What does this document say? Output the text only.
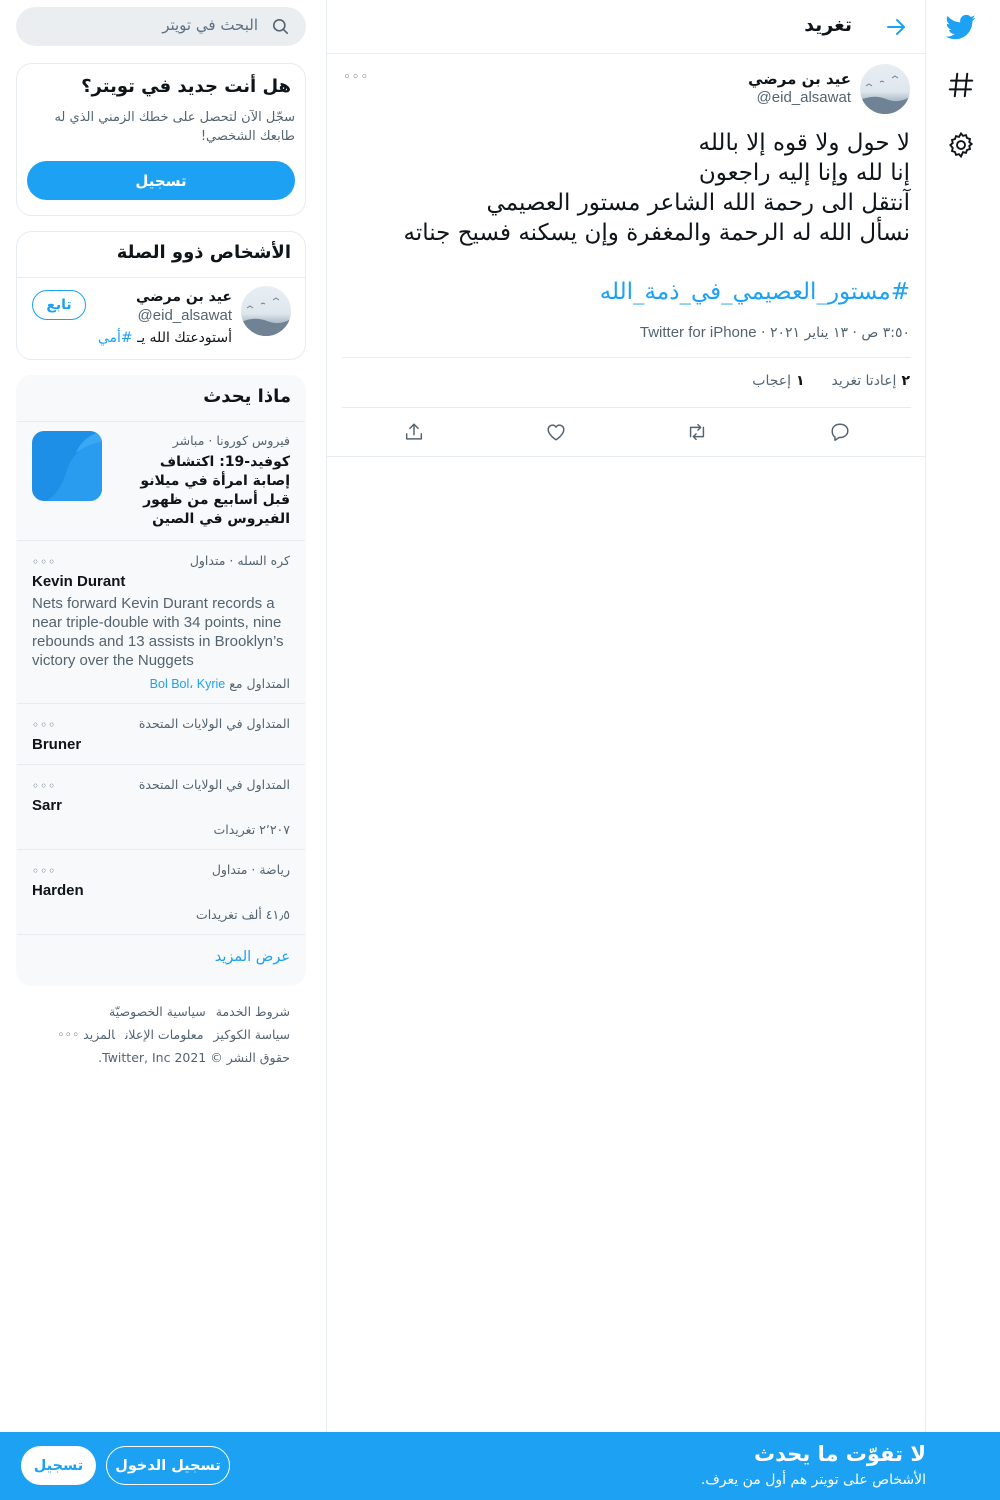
تغريد
عيد بن مرضي
@eid_alsawat
◦◦◦
لا حول ولا قوه إلا بالله
إنا لله وإنا إليه راجعون
آنتقل الى رحمة الله الشاعر مستور العصيمي
نسأل الله له الرحمة والمغفرة وإن يسكنه فسيح جناته
#مستور_العصيمي_في_ذمة_الله
٣:٥٠ ص · ١٣ يناير ٢٠٢١ · Twitter for iPhone
٢إعادتا تغريد  ١إعجاب
البحث في تويتر
هل أنت جديد في تويتر؟
سجّل الآن لتحصل على خطك الزمني الذي له طابعك الشخصي!
تسجيل
الأشخاص ذوو الصلة
عيد بن مرضي
@eid_alsawat
أستودعتك الله يـ #أمي
تابع
ماذا يحدث
فيروس كورونا · مباشر
كوفيد-19: اكتشاف إصابة امرأة في ميلانو قبل أسابيع من ظهور الفيروس في الصين
كره السله · متداول
◦◦◦
Kevin Durant
Nets forward Kevin Durant records a near triple-double with 34 points, nine rebounds and 13 assists in Brooklyn’s victory over the Nuggets
المتداول مع Bol Bol، Kyrie
المتداول في الولايات المتحدة
◦◦◦
Bruner
المتداول في الولايات المتحدة
◦◦◦
Sarr
٢٬٢٠٧ تغريدات
رياضة · متداول
◦◦◦
Harden
٤١٫٥ ألف تغريدات
عرض المزيد
شروط الخدمةسياسية الخصوصيّة
سياسة الكوكيزمعلومات الإعلانالمزيد ◦◦◦
حقوق النشر © 2021 Twitter, Inc.
لا تفوّت ما يحدث
الأشخاص على تويتر هم أول من يعرف.
تسجيل الدخول
تسجيل
